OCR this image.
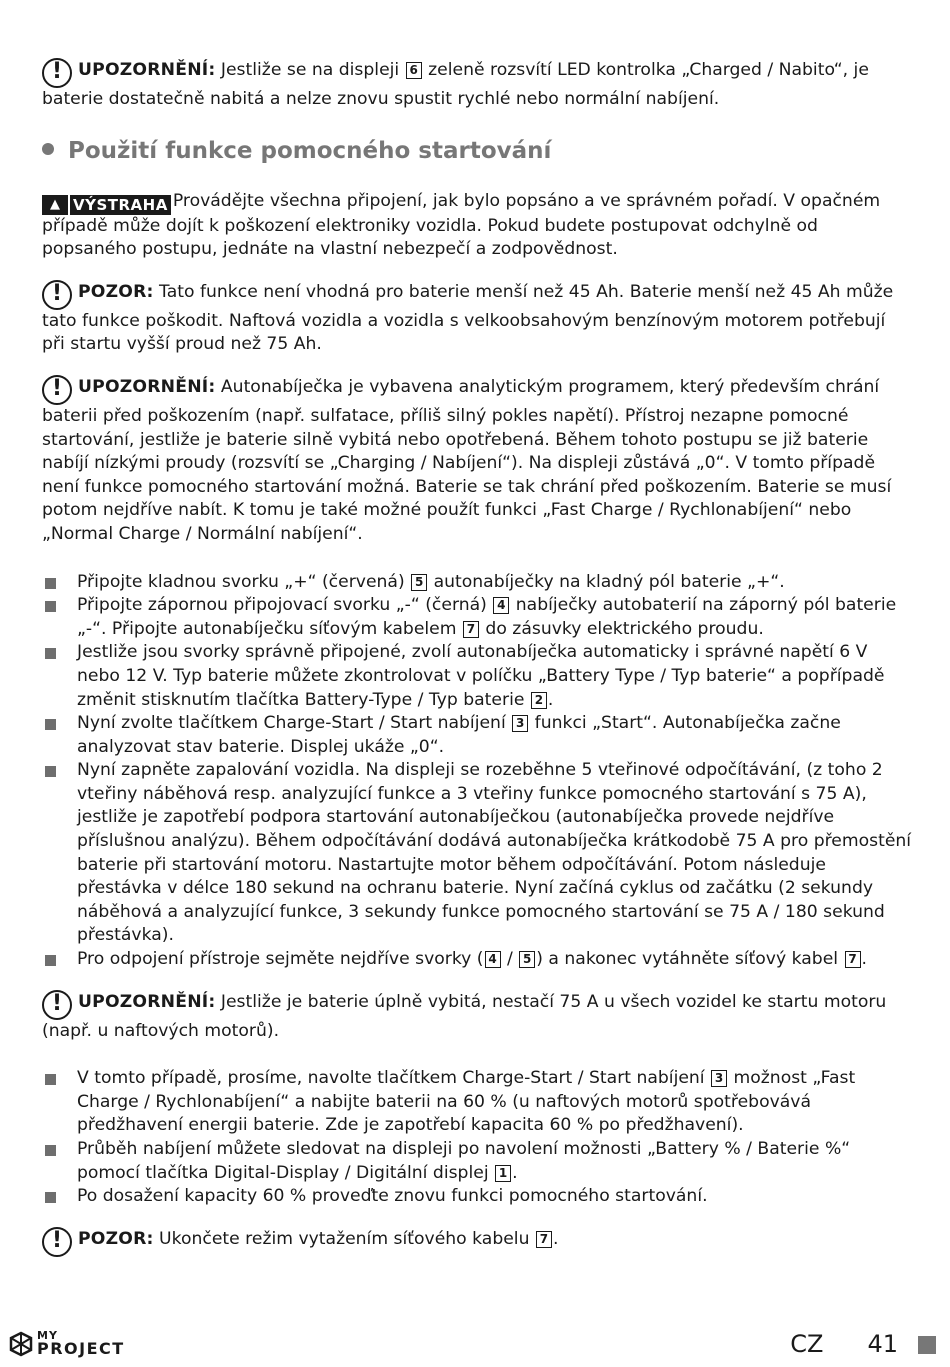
! UPOZORNĚNÍ: Jestliže se na displeji 6 zeleně rozsvítí LED kontrolka „Charged / Nabito“, je baterie dostatečně nabitá a nelze znovu spustit rychlé nebo normální nabíjení.

Použití funkce pomocného startování

▲ VÝSTRAHA Provádějte všechna připojení, jak bylo popsáno a ve správném pořadí. V opačném případě může dojít k poškození elektroniky vozidla. Pokud budete postupovat odchylně od popsaného postupu, jednáte na vlastní nebezpečí a zodpovědnost.

! POZOR: Tato funkce není vhodná pro baterie menší než 45 Ah. Baterie menší než 45 Ah může tato funkce poškodit. Naftová vozidla a vozidla s velkoobsahovým benzínovým motorem potřebují při startu vyšší proud než 75 Ah.

! UPOZORNĚNÍ: Autonabíječka je vybavena analytickým programem, který především chrání baterii před poškozením (např. sulfatace, příliš silný pokles napětí). Přístroj nezapne pomocné startování, jestliže je baterie silně vybitá nebo opotřebená. Během tohoto postupu se již baterie nabíjí nízkými proudy (rozsvítí se „Charging / Nabíjení“). Na displeji zůstává „0“. V tomto případě není funkce pomocného startování možná. Baterie se tak chrání před poškozením. Baterie se musí potom nejdříve nabít. K tomu je také možné použít funkci „Fast Charge / Rychlonabíjení“ nebo „Normal Charge / Normální nabíjení“.

Připojte kladnou svorku „+“ (červená) 5 autonabíječky na kladný pól baterie „+“.
Připojte zápornou připojovací svorku „-“ (černá) 4 nabíječky autobaterií na záporný pól baterie „-“. Připojte autonabíječku síťovým kabelem 7 do zásuvky elektrického proudu.
Jestliže jsou svorky správně připojené, zvolí autonabíječka automaticky i správné napětí 6 V nebo 12 V. Typ baterie můžete zkontrolovat v políčku „Battery Type / Typ baterie“ a popřípadě změnit stisknutím tlačítka Battery-Type / Typ baterie 2 .
Nyní zvolte tlačítkem Charge-Start / Start nabíjení 3 funkci „Start“. Autonabíječka začne analyzovat stav baterie. Displej ukáže „0“.
Nyní zapněte zapalování vozidla. Na displeji se rozeběhne 5 vteřinové odpočítávání, (z toho 2 vteřiny náběhová resp. analyzující funkce a 3 vteřiny funkce pomocného startování s 75 A), jestliže je zapotřebí podpora startování autonabíječkou (autonabíječka provede nejdříve příslušnou analýzu). Během odpočítávání dodává autonabíječka krátkodobě 75 A pro přemostění baterie při startování motoru. Nastartujte motor během odpočítávání. Potom následuje přestávka v délce 180 sekund na ochranu baterie. Nyní začíná cyklus od začátku (2 sekundy náběhová a analyzující funkce, 3 sekundy funkce pomocného startování se 75 A / 180 sekund přestávka).
Pro odpojení přístroje sejměte nejdříve svorky ( 4 / 5 ) a nakonec vytáhněte síťový kabel 7 .

! UPOZORNĚNÍ: Jestliže je baterie úplně vybitá, nestačí 75 A u všech vozidel ke startu motoru (např. u naftových motorů).

V tomto případě, prosíme, navolte tlačítkem Charge-Start / Start nabíjení 3 možnost „Fast Charge / Rychlonabíjení“ a nabijte baterii na 60 % (u naftových motorů spotřebovává předžhavení energii baterie. Zde je zapotřebí kapacita 60 % po předžhavení).
Průběh nabíjení můžete sledovat na displeji po navolení možnosti „Battery % / Baterie %“ pomocí tlačítka Digital-Display / Digitální displej 1 .
Po dosažení kapacity 60 % proveďte znovu funkci pomocného startování.

! POZOR: Ukončete režim vytažením síťového kabelu 7 .

MY
PROJECT	CZ 41
